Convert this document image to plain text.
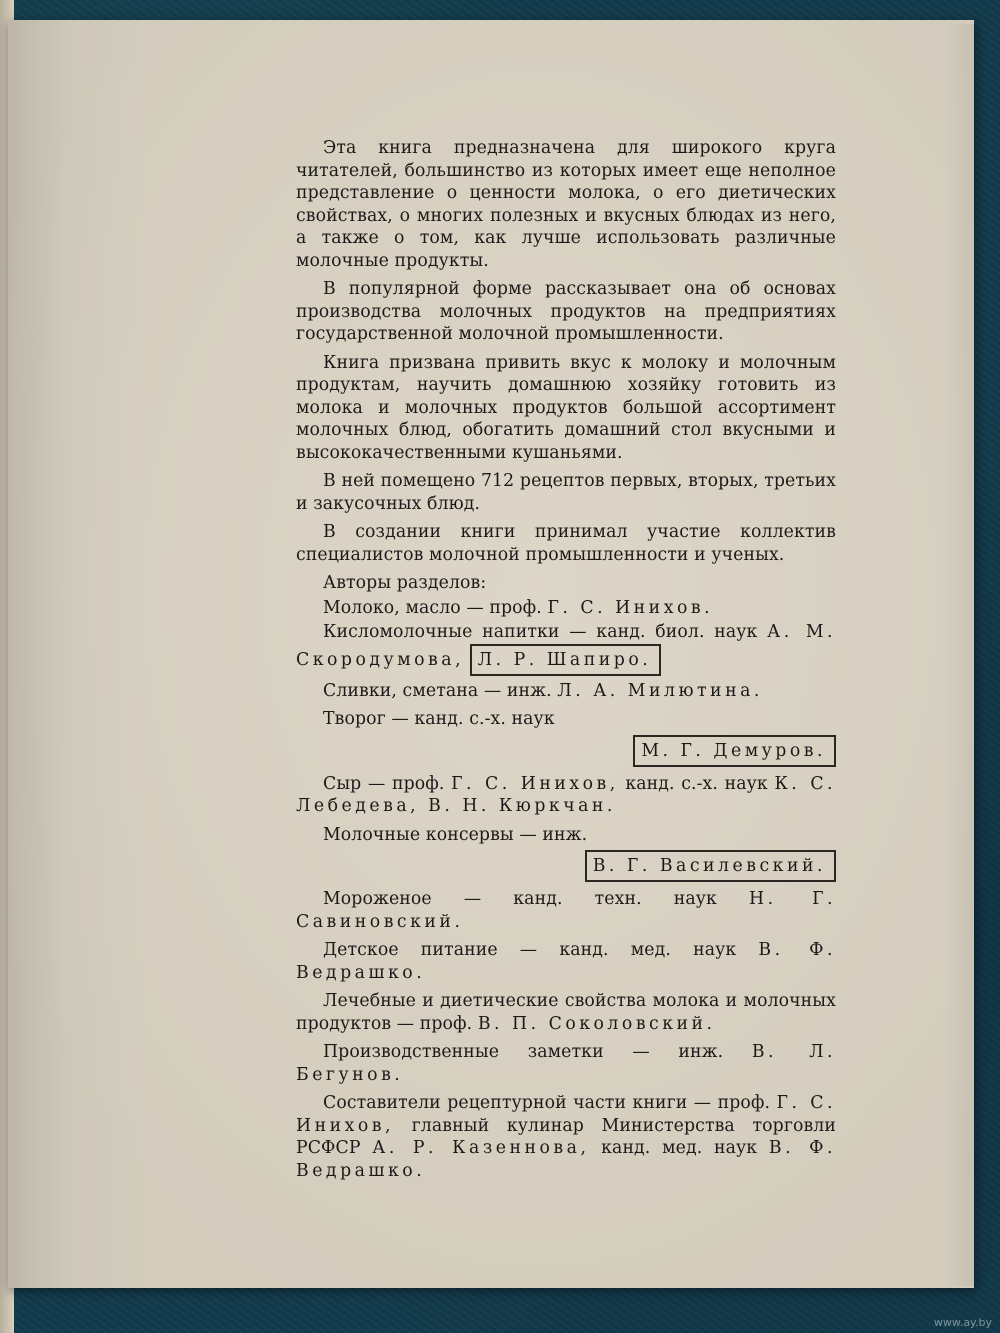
Эта книга предназначена для широкого круга читателей, большинство из которых имеет еще неполное представление о ценности молока, о его диетических свойствах, о многих полезных и вкусных блюдах из него, а также о том, как лучше использовать различные молочные продукты.

В популярной форме рассказывает она об основах производства молочных продуктов на предприятиях государственной молочной промышленности.

Книга призвана привить вкус к молоку и молочным продуктам, научить домашнюю хозяйку готовить из молока и молочных продуктов большой ассортимент молочных блюд, обогатить домашний стол вкусными и высококачественными кушаньями.

В ней помещено 712 рецептов первых, вторых, третьих и закусочных блюд.

В создании книги принимал участие коллектив специалистов молочной промышленности и ученых.

Авторы разделов:

Молоко, масло — проф. Г. С. Инихов.

Кисломолочные напитки — канд. биол. наук А. М. Скородумова, Л. Р. Шапиро.

Сливки, сметана — инж. Л. А. Милютина.

Творог — канд. с.-х. наук
М. Г. Демуров.

Сыр — проф. Г. С. Инихов, канд. с.-х. наук К. С. Лебедева, В. Н. Кюркчан.

Молочные консервы — инж.
В. Г. Василевский.

Мороженое — канд. техн. наук Н. Г. Савиновский.

Детское питание — канд. мед. наук В. Ф. Ведрашко.

Лечебные и диетические свойства молока и молочных продуктов — проф. В. П. Соколовский.

Производственные заметки — инж. В. Л. Бегунов.

Составители рецептурной части книги — проф. Г. С. Инихов, главный кулинар Министерства торговли РСФСР А. Р. Казеннова, канд. мед. наук В. Ф. Ведрашко.

www.ay.by
